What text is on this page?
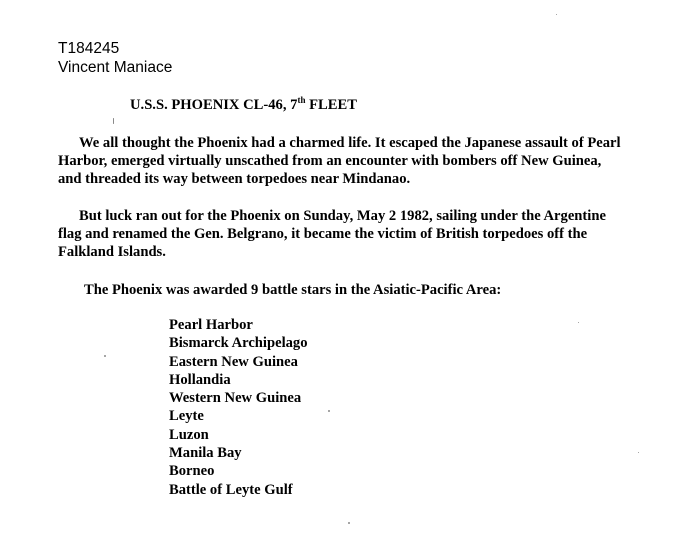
T184245
Vincent Maniace
U.S.S. PHOENIX CL-46, 7th FLEET
We all thought the Phoenix had a charmed life. It escaped the Japanese assault of Pearl
Harbor, emerged virtually unscathed from an encounter with bombers off New Guinea,
and threaded its way between torpedoes near Mindanao.
But luck ran out for the Phoenix on Sunday, May 2 1982, sailing under the Argentine
flag and renamed the Gen. Belgrano, it became the victim of British torpedoes off the
Falkland Islands.
The Phoenix was awarded 9 battle stars in the Asiatic-Pacific Area:
Pearl Harbor
Bismarck Archipelago
Eastern New Guinea
Hollandia
Western New Guinea
Leyte
Luzon
Manila Bay
Borneo
Battle of Leyte Gulf
